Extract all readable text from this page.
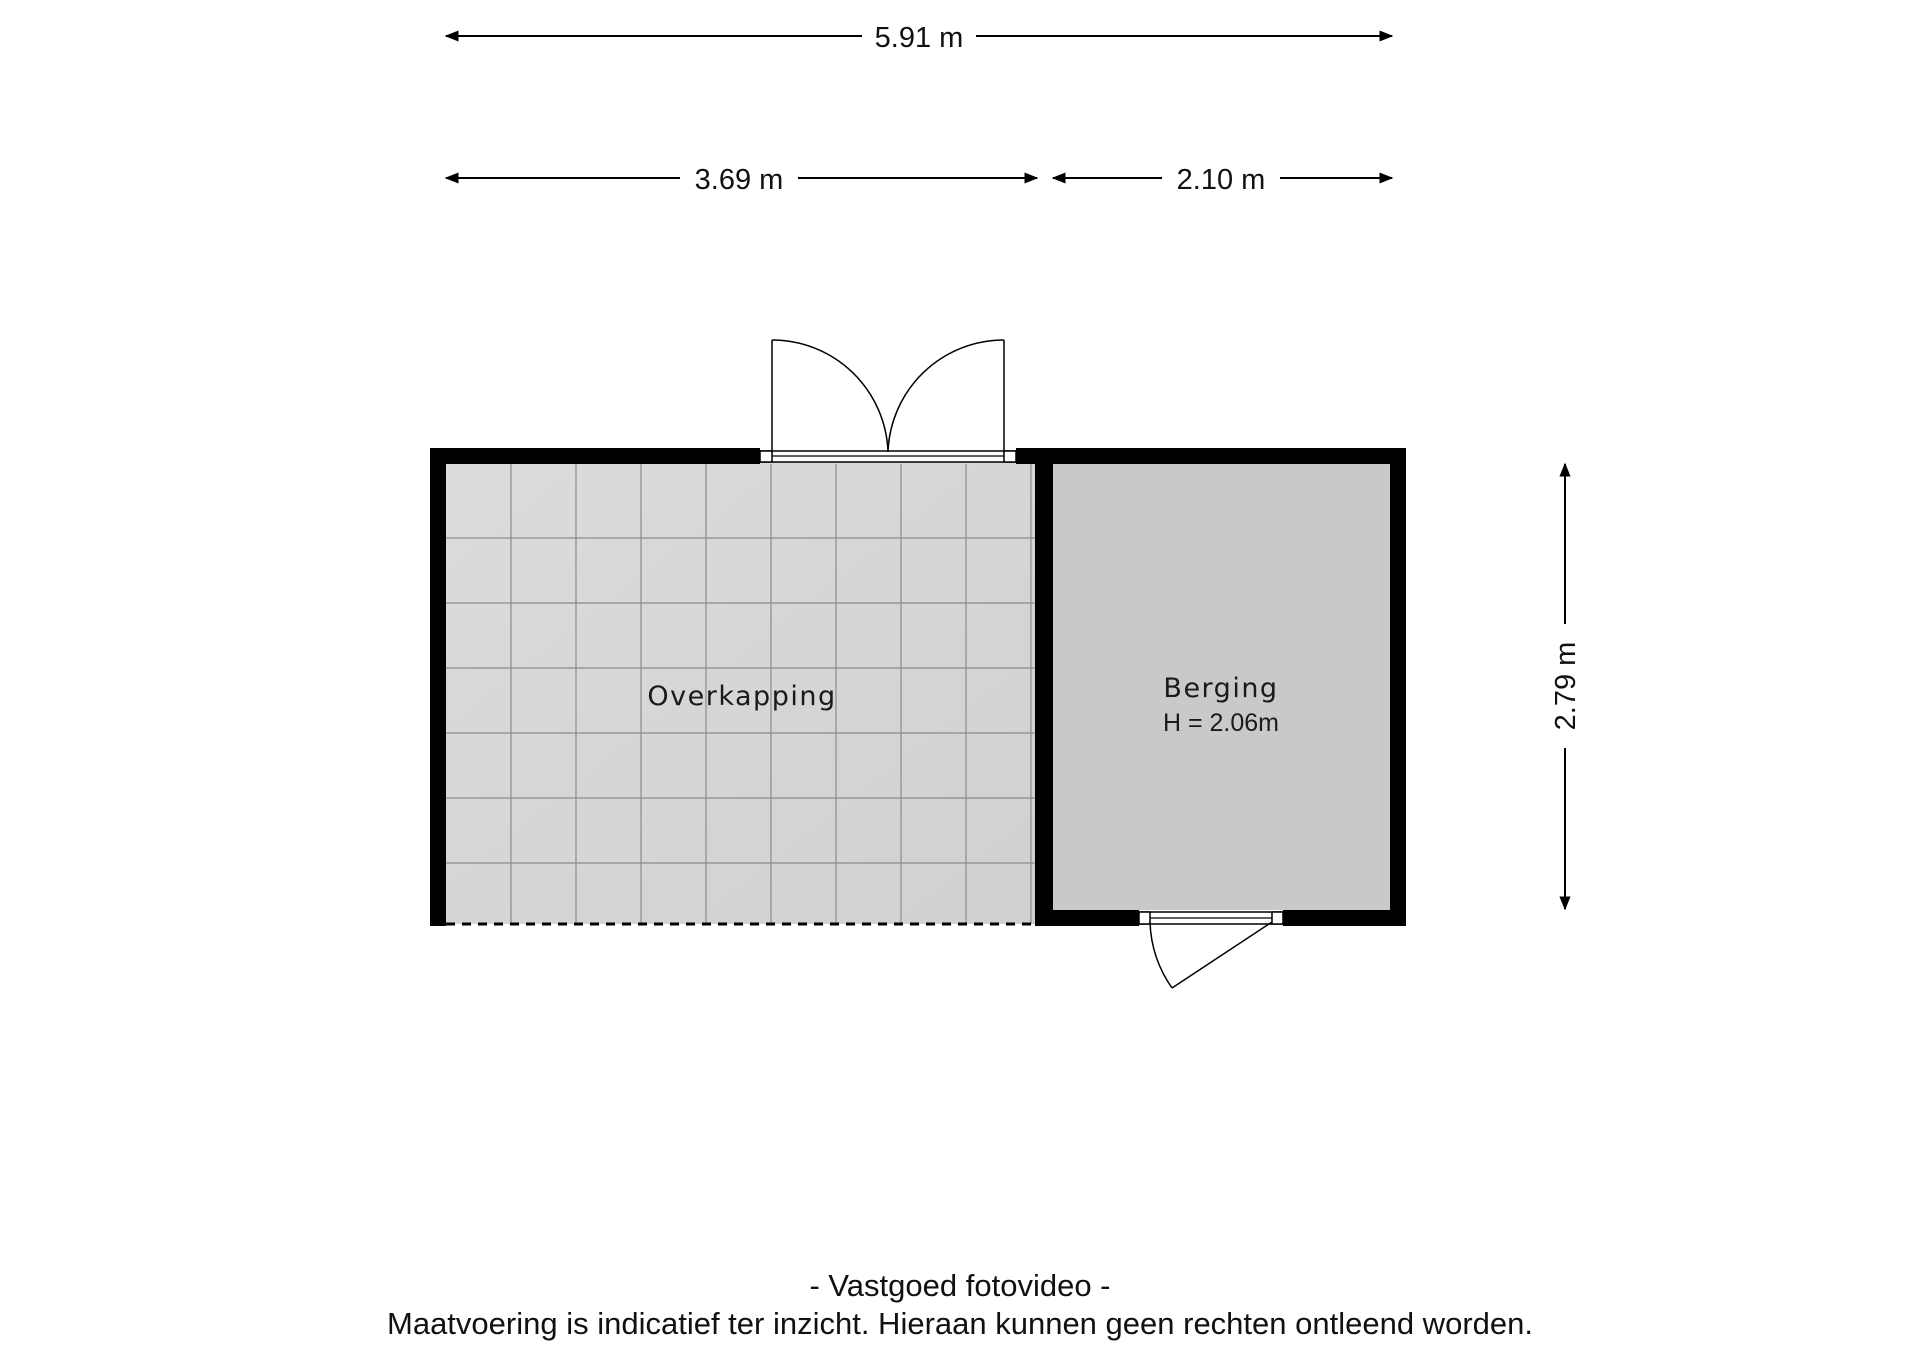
5.91 m
3.69 m	2.10 m
2.79 m
Overkapping	Berging
H = 2.06m
- Vastgoed fotovideo -
Maatvoering is indicatief ter inzicht. Hieraan kunnen geen rechten ontleend worden.
